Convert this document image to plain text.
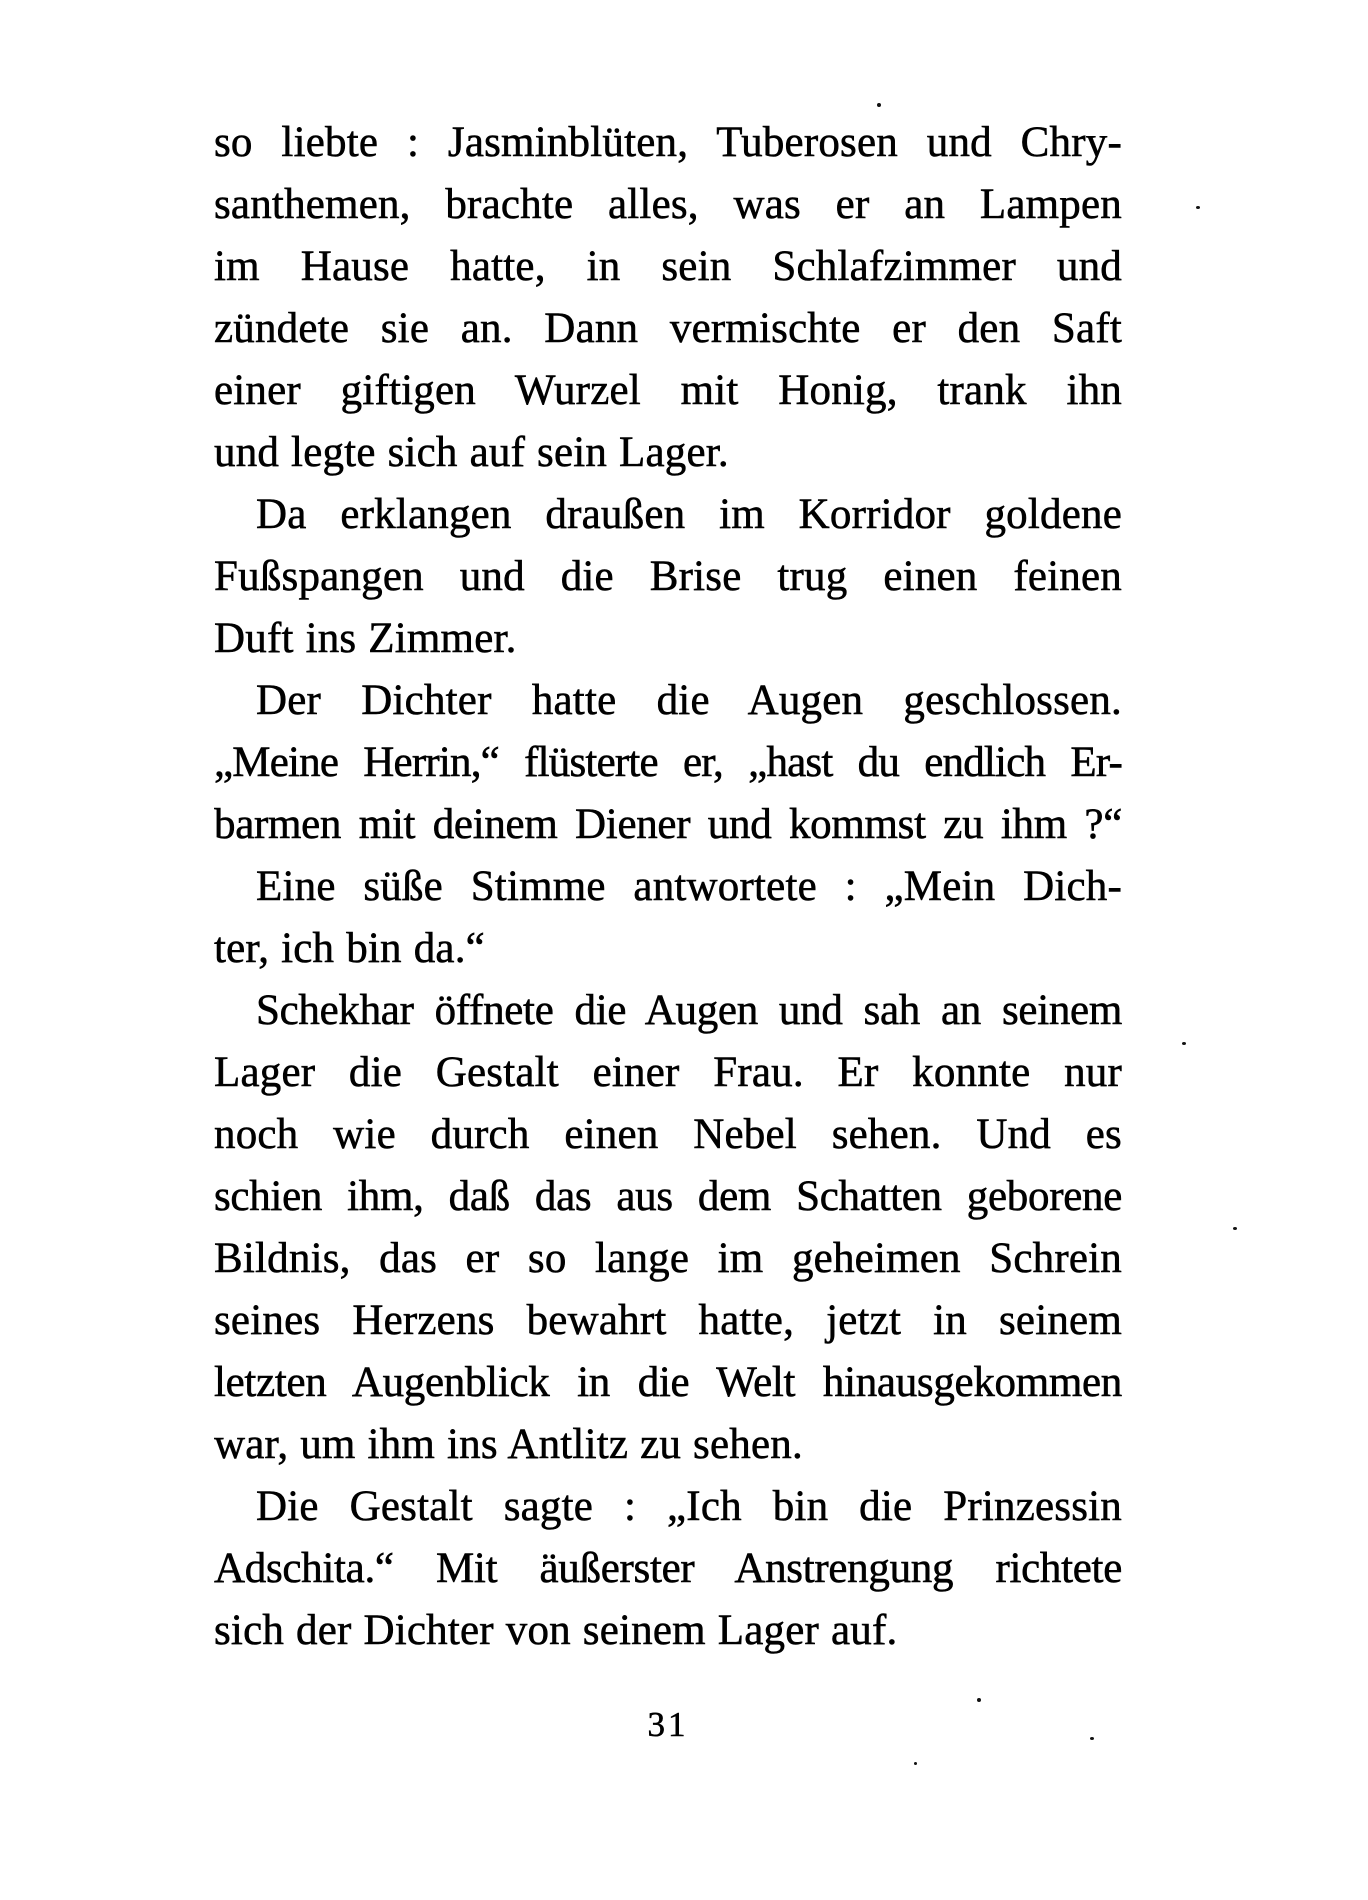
so liebte : Jasminblüten, Tuberosen und Chry-
santhemen, brachte alles, was er an Lampen
im Hause hatte, in sein Schlafzimmer und
zündete sie an. Dann vermischte er den Saft
einer giftigen Wurzel mit Honig, trank ihn
und legte sich auf sein Lager.
Da erklangen draußen im Korridor goldene
Fußspangen und die Brise trug einen feinen
Duft ins Zimmer.
Der Dichter hatte die Augen geschlossen.
„Meine Herrin,“ flüsterte er, „hast du endlich Er-
barmen mit deinem Diener und kommst zu ihm ?“
Eine süße Stimme antwortete : „Mein Dich-
ter, ich bin da.“
Schekhar öffnete die Augen und sah an seinem
Lager die Gestalt einer Frau. Er konnte nur
noch wie durch einen Nebel sehen. Und es
schien ihm, daß das aus dem Schatten geborene
Bildnis, das er so lange im geheimen Schrein
seines Herzens bewahrt hatte, jetzt in seinem
letzten Augenblick in die Welt hinausgekommen
war, um ihm ins Antlitz zu sehen.
Die Gestalt sagte : „Ich bin die Prinzessin
Adschita.“ Mit äußerster Anstrengung richtete
sich der Dichter von seinem Lager auf.
31
